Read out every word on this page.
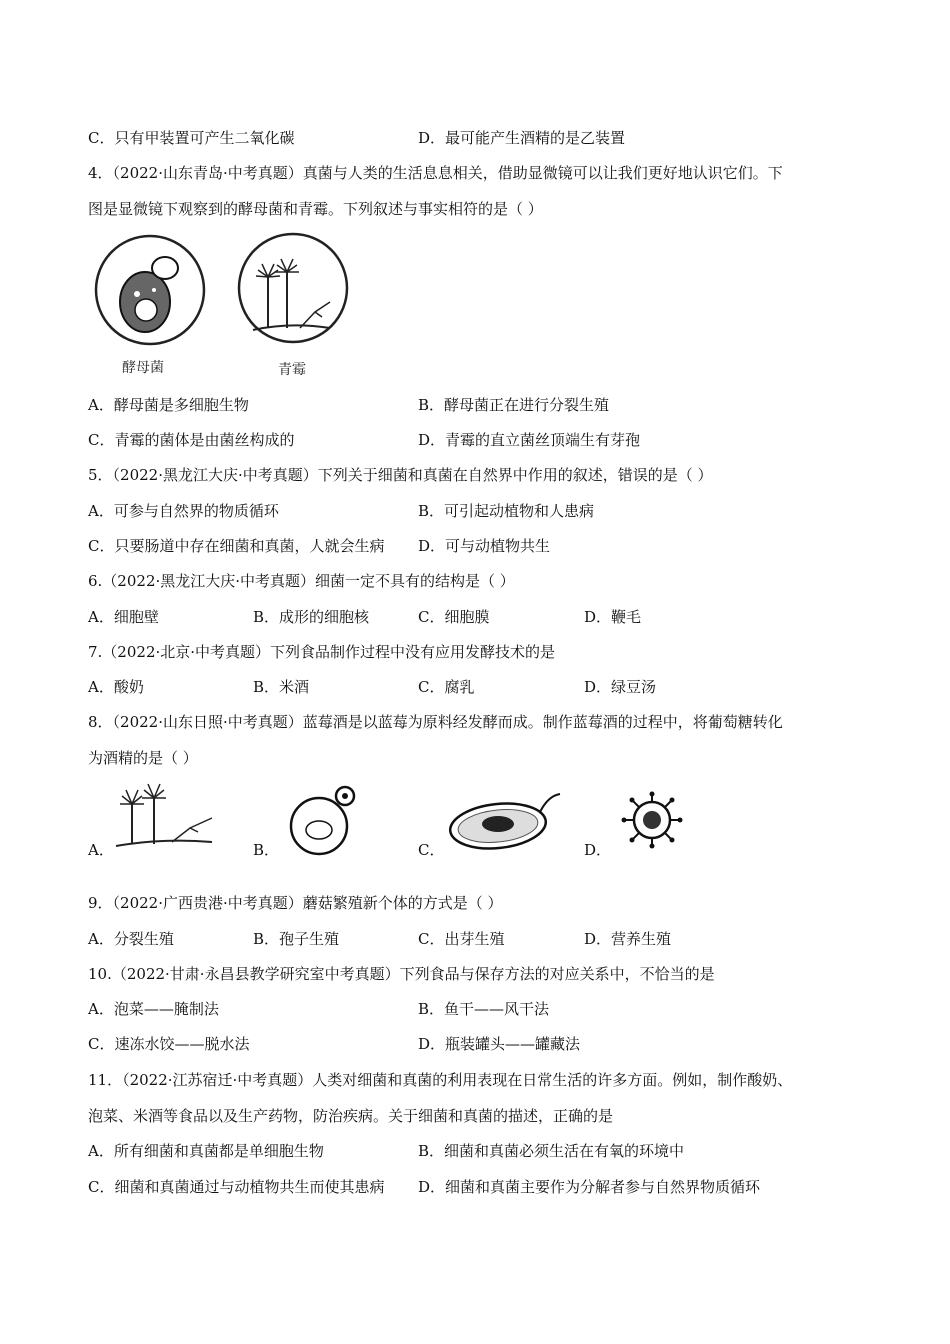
C．只有甲装置可产生二氧化碳	D．最可能产生酒精的是乙装置
4．（2022·山东青岛·中考真题）真菌与人类的生活息息相关，借助显微镜可以让我们更好地认识它们。下
图是显微镜下观察到的酵母菌和青霉。下列叙述与事实相符的是（ ）
酵母菌	青霉
A．酵母菌是多细胞生物	B．酵母菌正在进行分裂生殖
C．青霉的菌体是由菌丝构成的	D．青霉的直立菌丝顶端生有芽孢
5．（2022·黑龙江大庆·中考真题）下列关于细菌和真菌在自然界中作用的叙述，错误的是（ ）
A．可参与自然界的物质循环	B．可引起动植物和人患病
C．只要肠道中存在细菌和真菌，人就会生病 D．可与动植物共生
6.（2022·黑龙江大庆·中考真题）细菌一定不具有的结构是（ ）
A．细胞壁	B．成形的细胞核	C．细胞膜	D．鞭毛
7.（2022·北京·中考真题）下列食品制作过程中没有应用发酵技术的是
A．酸奶	B．米酒	C．腐乳	D．绿豆汤
8．（2022·山东日照·中考真题）蓝莓酒是以蓝莓为原料经发酵而成。制作蓝莓酒的过程中，将葡萄糖转化
为酒精的是（ ）
A．	B．	C．	D．
9．（2022·广西贵港·中考真题）蘑菇繁殖新个体的方式是（ ）
A．分裂生殖	B．孢子生殖	C．出芽生殖	D．营养生殖
10.（2022·甘肃·永昌县教学研究室中考真题）下列食品与保存方法的对应关系中，不恰当的是
A．泡菜——腌制法	B．鱼干——风干法
C．速冻水饺——脱水法	D．瓶装罐头——罐藏法
11．（2022·江苏宿迁·中考真题）人类对细菌和真菌的利用表现在日常生活的许多方面。例如，制作酸奶、
泡菜、米酒等食品以及生产药物，防治疾病。关于细菌和真菌的描述，正确的是
A．所有细菌和真菌都是单细胞生物	B．细菌和真菌必须生活在有氧的环境中
C．细菌和真菌通过与动植物共生而使其患病 D．细菌和真菌主要作为分解者参与自然界物质循环
